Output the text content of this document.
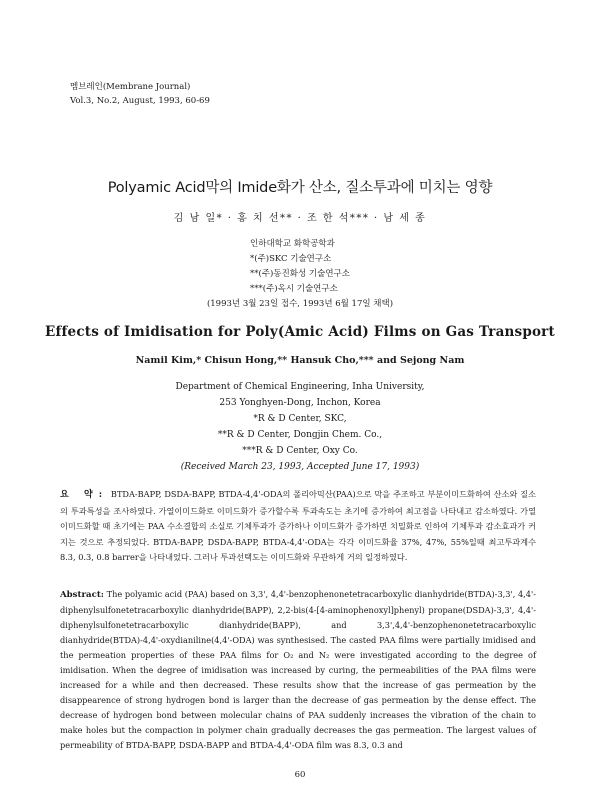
멤브레인(Membrane Journal)
Vol.3, No.2, August, 1993, 60-69
Polyamic Acid막의 Imide화가 산소, 질소투과에 미치는 영향
김 남 일* · 홍 치 선** · 조 한 석*** · 남 세 종
인하대학교 화학공학과
*(주)SKC 기술연구소
**(주)동진화성 기술연구소
***(주)옥시 기술연구소
(1993년 3월 23일 접수, 1993년 6월 17일 채택)
Effects of Imidisation for Poly(Amic Acid) Films on Gas Transport
Namil Kim,* Chisun Hong,** Hansuk Cho,*** and Sejong Nam
Department of Chemical Engineering, Inha University,
253 Yonghyen-Dong, Inchon, Korea
*R & D Center, SKC,
**R & D Center, Dongjin Chem. Co.,
***R & D Center, Oxy Co.
(Received March 23, 1993, Accepted June 17, 1993)
요 약: BTDA-BAPP, DSDA-BAPP, BTDA-4,4'-ODA의 폴리아믹산(PAA)으로 막을 주조하고 부분이미드화하여 산소와 질소의 투과특성을 조사하였다. 가열이미드화로 이미드화가 증가할수록 투과속도는 초기에 증가하여 최고점을 나타내고 감소하였다. 가열이미드화할 때 초기에는 PAA 수소결합의 소실로 기체투과가 증가하나 이미드화가 증가하면 치밀화로 인하여 기체투과 감소효과가 커지는 것으로 추정되었다. BTDA-BAPP, DSDA-BAPP, BTDA-4,4'-ODA는 각각 이미드화율 37%, 47%, 55%일때 최고투과계수 8.3, 0.3, 0.8 barrer을 나타내었다. 그러나 투과선택도는 이미드화와 무관하게 거의 일정하였다.
Abstract: The polyamic acid (PAA) based on 3,3', 4,4'-benzophenonetetracarboxylic dianhydride(BTDA)-3,3', 4,4'-diphenylsulfonetetracarboxylic dianhydride(BAPP), 2,2-bis(4-[4-aminophenoxyl]phenyl) propane(DSDA)-3,3', 4,4'-diphenylsulfonetetracarboxylic dianhydride(BAPP), and 3,3',4,4'-benzophenonetetracarboxylic dianhydride(BTDA)-4,4'-oxydianiline(4,4'-ODA) was synthesised. The casted PAA films were partially imidised and the permeation properties of these PAA films for O₂ and N₂ were investigated according to the degree of imidisation. When the degree of imidisation was increased by curing, the permeabilities of the PAA films were increased for a while and then decreased. These results show that the increase of gas permeation by the disappearence of strong hydrogen bond is larger than the decrease of gas permeation by the dense effect. The decrease of hydrogen bond between molecular chains of PAA suddenly increases the vibration of the chain to make holes but the compaction in polymer chain gradually decreases the gas permeation. The largest values of permeability of BTDA-BAPP, DSDA-BAPP and BTDA-4,4'-ODA film was 8.3, 0.3 and
60
